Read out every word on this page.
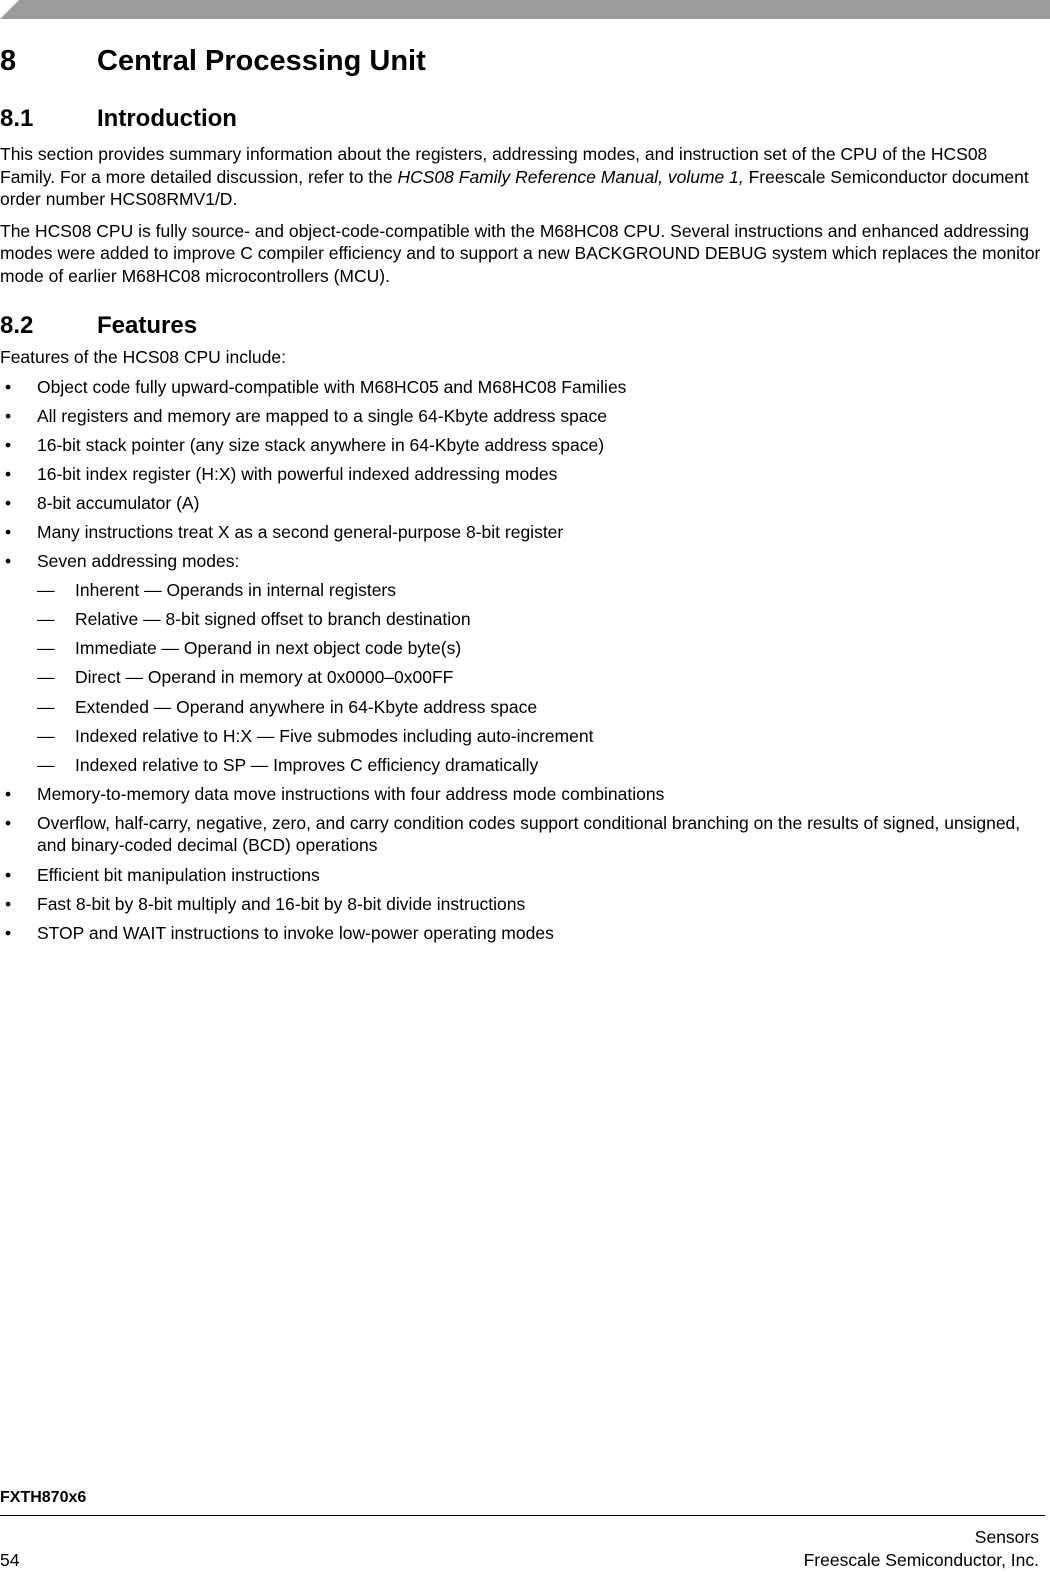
8	Central Processing Unit
8.1	Introduction

This section provides summary information about the registers, addressing modes, and instruction set of the CPU of the HCS08 Family. For a more detailed discussion, refer to the HCS08 Family Reference Manual, volume 1, Freescale Semiconductor document order number HCS08RMV1/D.

The HCS08 CPU is fully source- and object-code-compatible with the M68HC08 CPU. Several instructions and enhanced addressing modes were added to improve C compiler efficiency and to support a new BACKGROUND DEBUG system which replaces the monitor mode of earlier M68HC08 microcontrollers (MCU).

8.2	Features

Features of the HCS08 CPU include:

• Object code fully upward-compatible with M68HC05 and M68HC08 Families
• All registers and memory are mapped to a single 64-Kbyte address space
• 16-bit stack pointer (any size stack anywhere in 64-Kbyte address space)
• 16-bit index register (H:X) with powerful indexed addressing modes
• 8-bit accumulator (A)
• Many instructions treat X as a second general-purpose 8-bit register
• Seven addressing modes:
— Inherent — Operands in internal registers
— Relative — 8-bit signed offset to branch destination
— Immediate — Operand in next object code byte(s)
— Direct — Operand in memory at 0x0000–0x00FF
— Extended — Operand anywhere in 64-Kbyte address space
— Indexed relative to H:X — Five submodes including auto-increment
— Indexed relative to SP — Improves C efficiency dramatically
• Memory-to-memory data move instructions with four address mode combinations
• Overflow, half-carry, negative, zero, and carry condition codes support conditional branching on the results of signed, unsigned, and binary-coded decimal (BCD) operations
• Efficient bit manipulation instructions
• Fast 8-bit by 8-bit multiply and 16-bit by 8-bit divide instructions
• STOP and WAIT instructions to invoke low-power operating modes
FXTH870x6
Sensors
54	Freescale Semiconductor, Inc.
